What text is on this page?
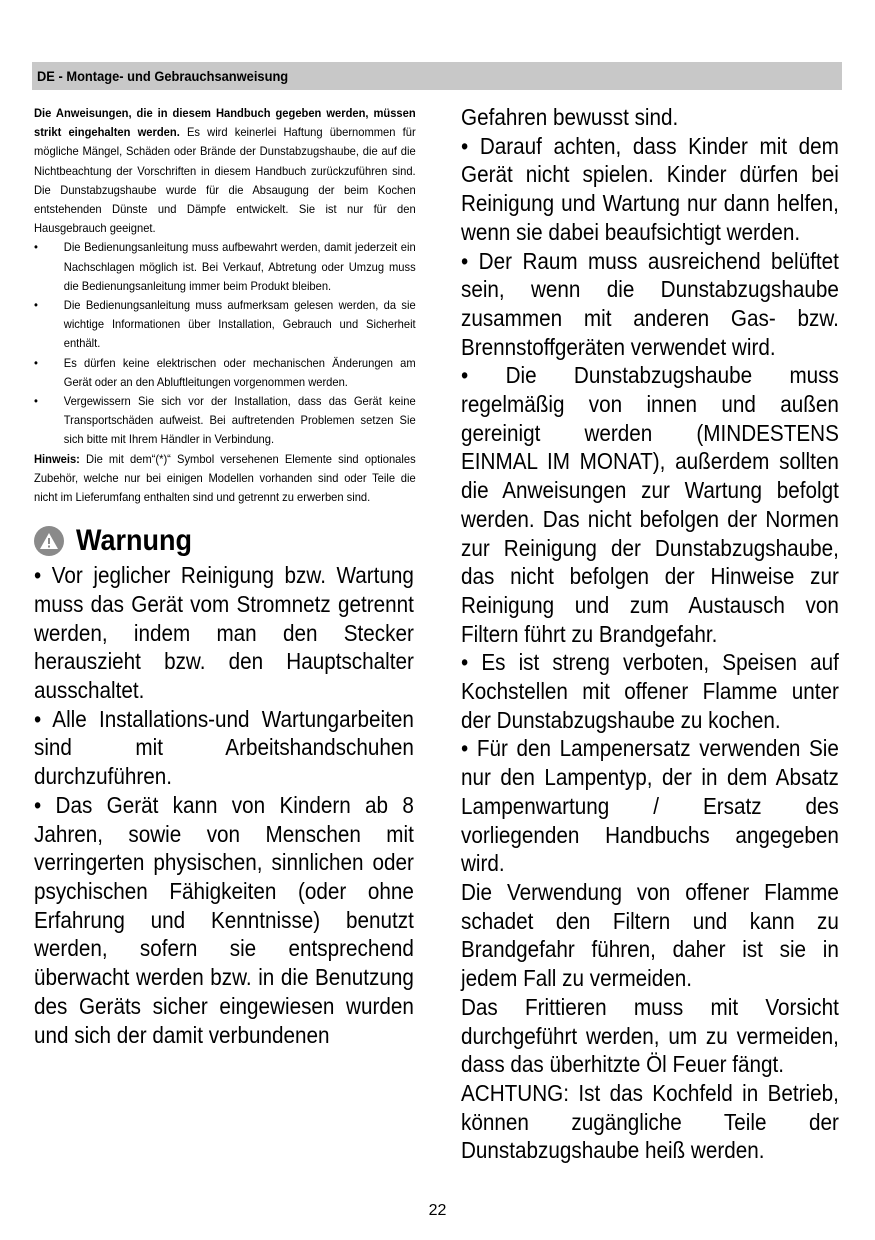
DE - Montage- und Gebrauchsanweisung

Die Anweisungen, die in diesem Handbuch gegeben werden, müssen strikt eingehalten werden. Es wird keinerlei Haftung übernommen für mögliche Mängel, Schäden oder Brände der Dunstabzugshaube, die auf die Nichtbeachtung der Vorschriften in diesem Handbuch zurückzuführen sind. Die Dunstabzugshaube wurde für die Absaugung der beim Kochen entstehenden Dünste und Dämpfe entwickelt. Sie ist nur für den Hausgebrauch geeignet.

• Die Bedienungsanleitung muss aufbewahrt werden, damit jederzeit ein Nachschlagen möglich ist. Bei Verkauf, Abtretung oder Umzug muss die Bedienungsanleitung immer beim Produkt bleiben.
• Die Bedienungsanleitung muss aufmerksam gelesen werden, da sie wichtige Informationen über Installation, Gebrauch und Sicherheit enthält.
• Es dürfen keine elektrischen oder mechanischen Änderungen am Gerät oder an den Abluftleitungen vorgenommen werden.
• Vergewissern Sie sich vor der Installation, dass das Gerät keine Transportschäden aufweist. Bei auftretenden Problemen setzen Sie sich bitte mit Ihrem Händler in Verbindung.

Hinweis: Die mit dem“(*)“ Symbol versehenen Elemente sind optionales Zubehör, welche nur bei einigen Modellen vorhanden sind oder Teile die nicht im Lieferumfang enthalten sind und getrennt zu erwerben sind.

Warnung

• Vor jeglicher Reinigung bzw. Wartung muss das Gerät vom Stromnetz getrennt werden, indem man den Stecker herauszieht bzw. den Hauptschalter ausschaltet.

• Alle Installations-und Wartungarbeiten sind mit Arbeitshandschuhen durchzuführen.

• Das Gerät kann von Kindern ab 8 Jahren, sowie von Menschen mit verringerten physischen, sinnlichen oder psychischen Fähigkeiten (oder ohne Erfahrung und Kenntnisse) benutzt werden, sofern sie entsprechend überwacht werden bzw. in die Benutzung des Geräts sicher eingewiesen wurden und sich der damit verbundenen

Gefahren bewusst sind.

• Darauf achten, dass Kinder mit dem Gerät nicht spielen. Kinder dürfen bei Reinigung und Wartung nur dann helfen, wenn sie dabei beaufsichtigt werden.

• Der Raum muss ausreichend belüftet sein, wenn die Dunstabzugshaube zusammen mit anderen Gas- bzw. Brennstoffgeräten verwendet wird.

• Die Dunstabzugshaube muss regelmäßig von innen und außen gereinigt werden (MINDESTENS EINMAL IM MONAT), außerdem sollten die Anweisungen zur Wartung befolgt werden. Das nicht befolgen der Normen zur Reinigung der Dunstabzugshaube, das nicht befolgen der Hinweise zur Reinigung und zum Austausch von Filtern führt zu Brandgefahr.

• Es ist streng verboten, Speisen auf Kochstellen mit offener Flamme unter der Dunstabzugshaube zu kochen.

• Für den Lampenersatz verwenden Sie nur den Lampentyp, der in dem Absatz Lampenwartung / Ersatz des vorliegenden Handbuchs angegeben wird.

Die Verwendung von offener Flamme schadet den Filtern und kann zu Brandgefahr führen, daher ist sie in jedem Fall zu vermeiden.

Das Frittieren muss mit Vorsicht durchgeführt werden, um zu vermeiden, dass das überhitzte Öl Feuer fängt.

ACHTUNG: Ist das Kochfeld in Betrieb, können zugängliche Teile der Dunstabzugshaube heiß werden.

22
